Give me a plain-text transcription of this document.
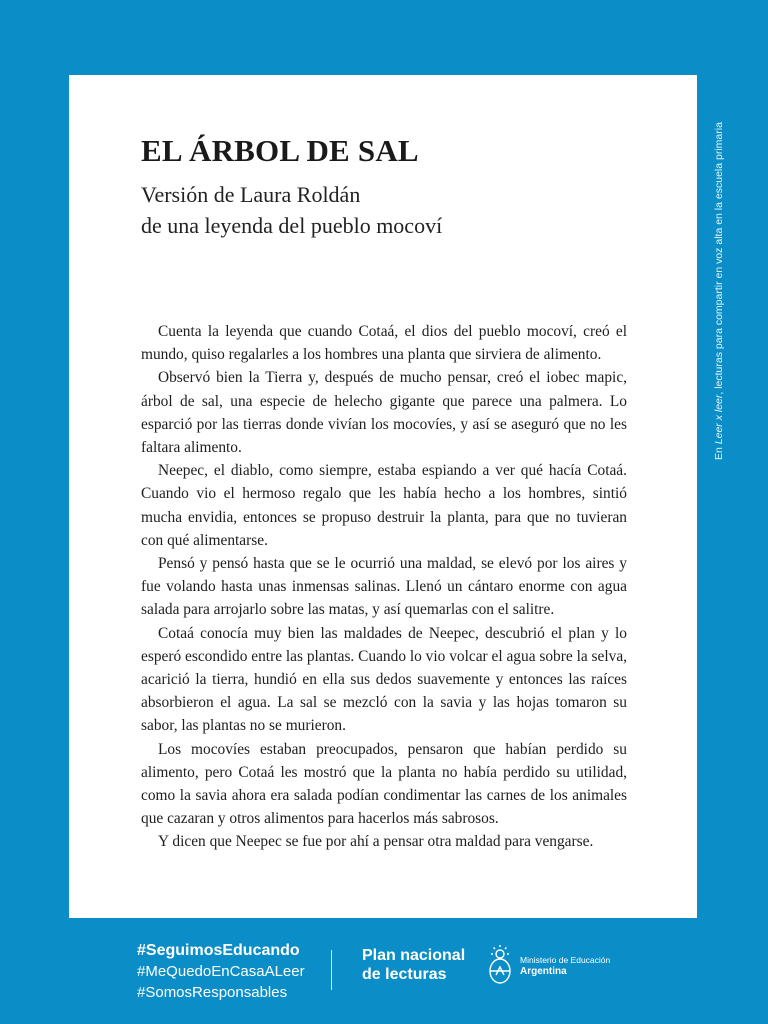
EL ÁRBOL DE SAL
Versión de Laura Roldán
de una leyenda del pueblo mocoví

Cuenta la leyenda que cuando Cotaá, el dios del pueblo mocoví, creó el mundo, quiso regalarles a los hombres una planta que sirviera de alimento.

Observó bien la Tierra y, después de mucho pensar, creó el iobec mapic, árbol de sal, una especie de helecho gigante que parece una palmera. Lo esparció por las tierras donde vivían los mocovíes, y así se aseguró que no les faltara alimento.

Neepec, el diablo, como siempre, estaba espiando a ver qué hacía Cotaá. Cuando vio el hermoso regalo que les había hecho a los hombres, sintió mucha envidia, entonces se propuso destruir la planta, para que no tuvieran con qué alimentarse.

Pensó y pensó hasta que se le ocurrió una maldad, se elevó por los aires y fue volando hasta unas inmensas salinas. Llenó un cántaro enorme con agua salada para arrojarlo sobre las matas, y así quemarlas con el salitre.

Cotaá conocía muy bien las maldades de Neepec, descubrió el plan y lo esperó escondido entre las plantas. Cuando lo vio volcar el agua sobre la selva, acarició la tierra, hundió en ella sus dedos suavemente y entonces las raíces absorbieron el agua. La sal se mezcló con la savia y las hojas tomaron su sabor, las plantas no se murieron.

Los mocovíes estaban preocupados, pensaron que habían perdido su alimento, pero Cotaá les mostró que la planta no había perdido su utilidad, como la savia ahora era salada podían condimentar las carnes de los animales que cazaran y otros alimentos para hacerlos más sabrosos.

Y dicen que Neepec se fue por ahí a pensar otra maldad para vengarse.

En Leer x leer, lecturas para compartir en voz alta en la escuela primaria
#SeguimosEducando
#MeQuedoEnCasaALeer
#SomosResponsables
Plan nacional
de lecturas
Ministerio de Educación
Argentina
